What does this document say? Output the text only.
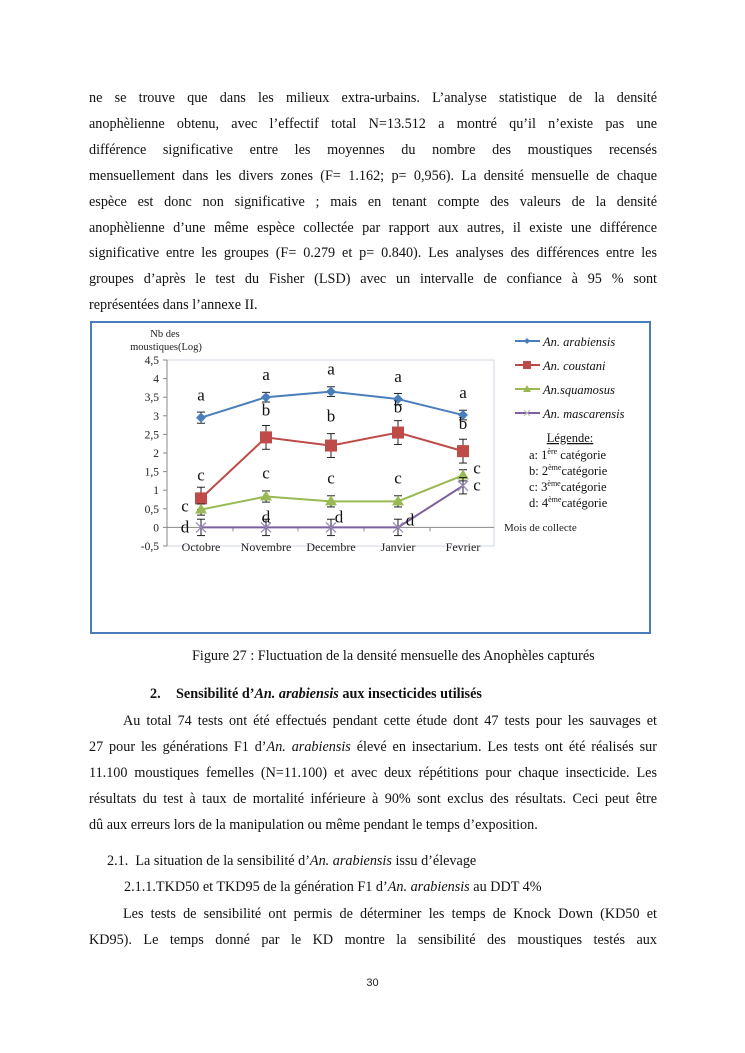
ne se trouve que dans les milieux extra-urbains. L’analyse statistique de la densité
anophèlienne obtenu, avec l’effectif total N=13.512 a montré qu’il n’existe pas une
différence significative entre les moyennes du nombre des moustiques recensés
mensuellement dans les divers zones (F= 1.162; p= 0,956). La densité mensuelle de chaque
espèce est donc non significative ; mais en tenant compte des valeurs de la densité
anophèlienne d’une même espèce collectée par rapport aux autres, il existe une différence
significative entre les groupes (F= 0.279 et p= 0.840). Les analyses des différences entre les
groupes d’après le test du Fisher (LSD) avec un intervalle de confiance à 95 % sont
représentées dans l’annexe II.
-0,5
0
0,5
1
1,5
2
2,5
3
3,5
4
4,5
Octobre Novembre Decembre Janvier	Fevrier
Nb des
moustiques(Log)
Mois de collecte
a
a	a	a
a
An. arabiensis
c
b	b	b
b
An. coustani
c
c	c	c
c
An.squamosus
d
d	d	d
c
An. mascarensis
Légende:
a: 1ère catégorie
b: 2èmecatégorie
c: 3èmecatégorie
d: 4èmecatégorie
Figure 27 : Fluctuation de la densité mensuelle des Anophèles capturés
2. Sensibilité d’An. arabiensis aux insecticides utilisés
Au total 74 tests ont été effectués pendant cette étude dont 47 tests pour les sauvages et
27 pour les générations F1 d’An. arabiensis élevé en insectarium. Les tests ont été réalisés sur
11.100 moustiques femelles (N=11.100) et avec deux répétitions pour chaque insecticide. Les
résultats du test à taux de mortalité inférieure à 90% sont exclus des résultats. Ceci peut être
dû aux erreurs lors de la manipulation ou même pendant le temps d’exposition.
2.1. La situation de la sensibilité d’An. arabiensis issu d’élevage
2.1.1.TKD50 et TKD95 de la génération F1 d’An. arabiensis au DDT 4%
Les tests de sensibilité ont permis de déterminer les temps de Knock Down (KD50 et
KD95). Le temps donné par le KD montre la sensibilité des moustiques testés aux
30
